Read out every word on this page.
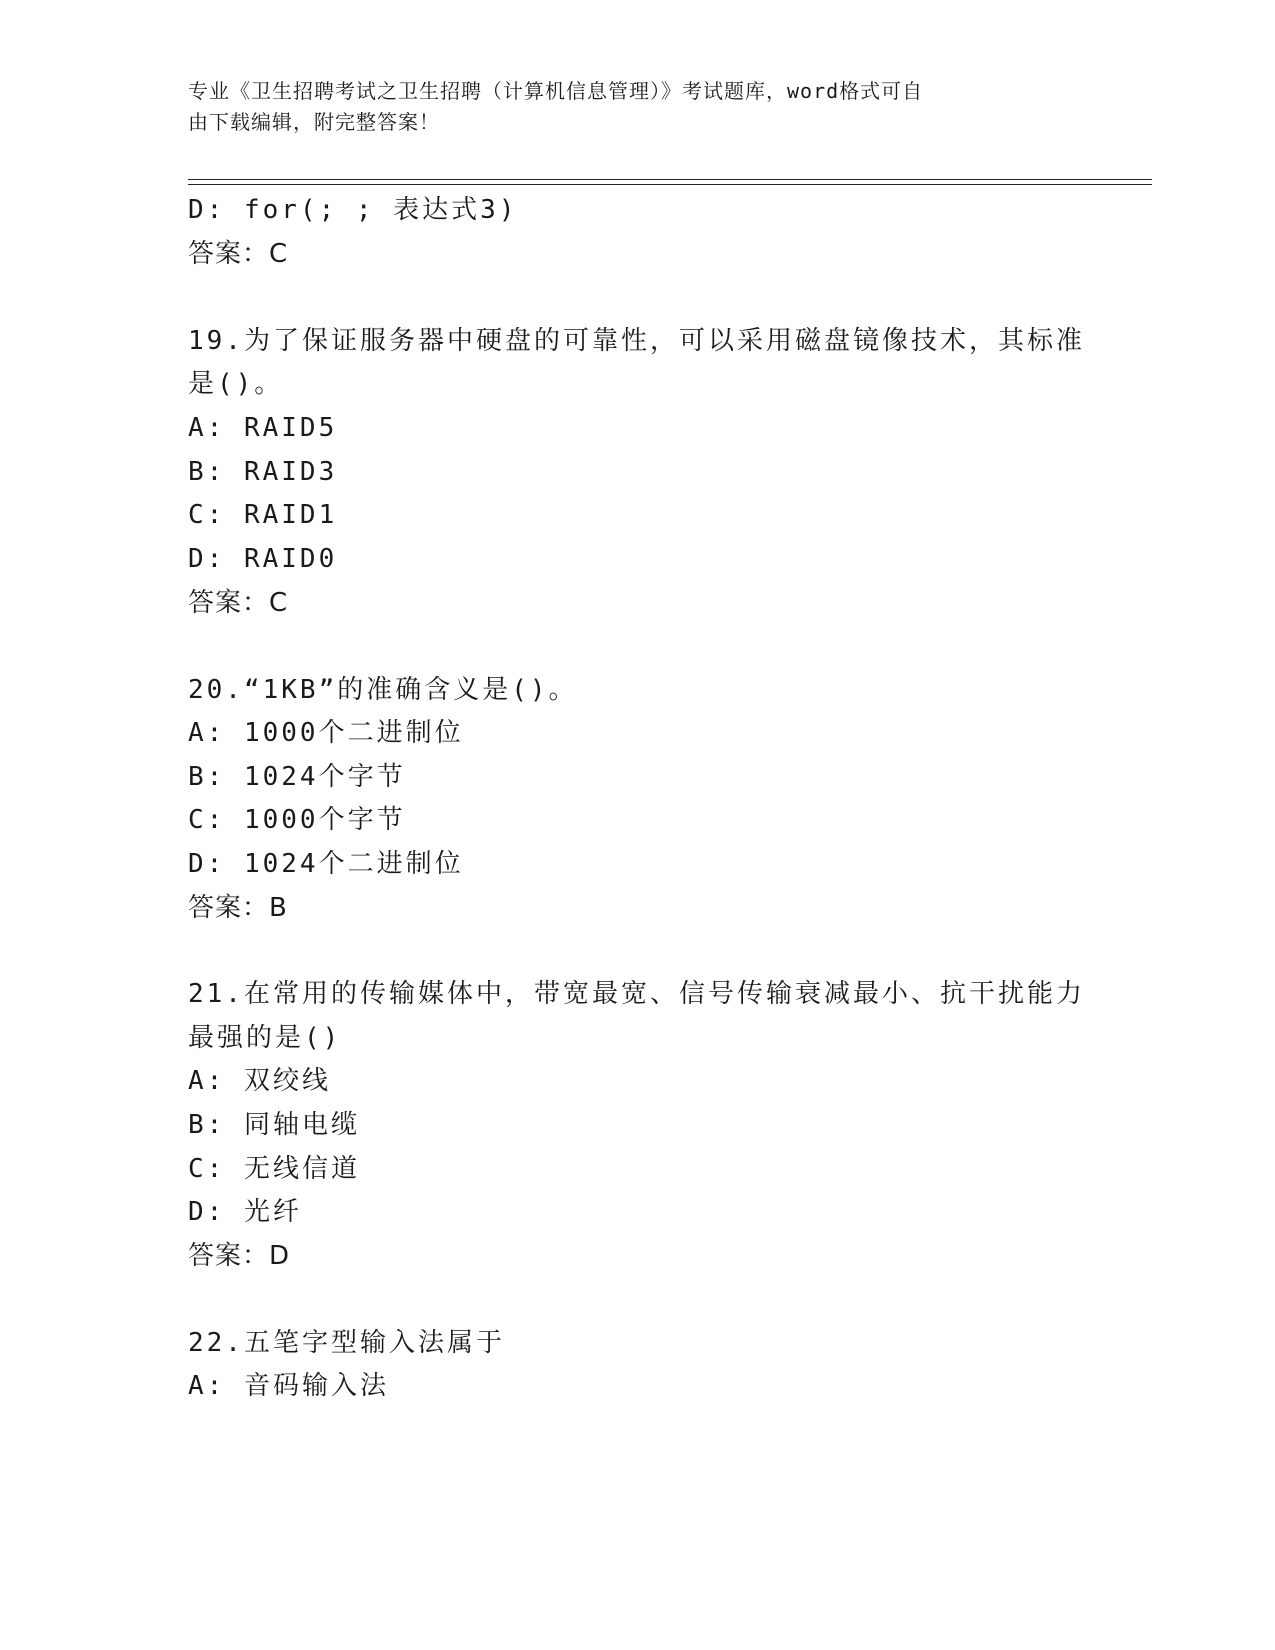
专业《卫生招聘考试之卫生招聘（计算机信息管理）》考试题库，word格式可自
由下载编辑，附完整答案！
D: for(; ; 表达式3)
答案：C
19.为了保证服务器中硬盘的可靠性，可以采用磁盘镜像技术，其标准
是()。
A: RAID5
B: RAID3
C: RAID1
D: RAID0
答案：C
20.“1KB”的准确含义是()。
A: 1000个二进制位
B: 1024个字节
C: 1000个字节
D: 1024个二进制位
答案：B
21.在常用的传输媒体中，带宽最宽、信号传输衰减最小、抗干扰能力
最强的是()
A: 双绞线
B: 同轴电缆
C: 无线信道
D: 光纤
答案：D
22.五笔字型输入法属于
A: 音码输入法
